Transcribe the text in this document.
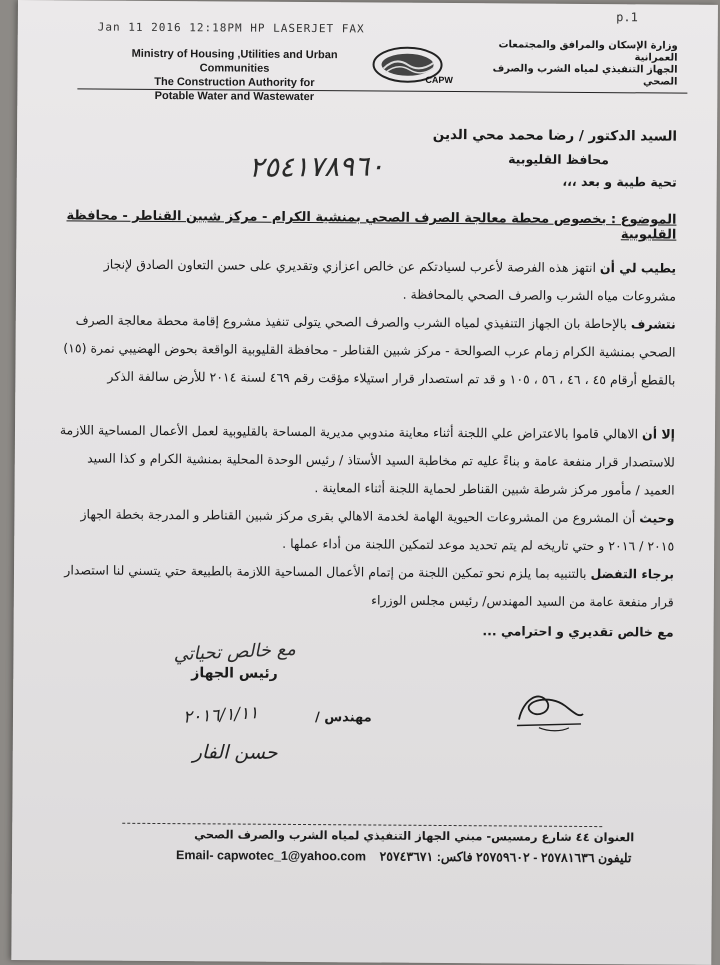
p.1
Jan 11 2016 12:18PM HP LASERJET FAX
Ministry of Housing ,Utilities and Urban Communities
The Construction Authority for
Potable Water and Wastewater
CAPW
وزارة الإسكان والمرافق والمجتمعات العمرانية
الجهاز التنفيذي لمياه الشرب والصرف الصحي
السيد الدكتور / رضا محمد محي الدين
محافظ القليوبية
٢٥٤١٧٨٩٦٠	تحية طيبة و بعد ،،،
الموضوع : بخصوص محطة معالجة الصرف الصحي بمنشية الكرام - مركز شبين القناطر - محافظة القليوبية
يطيب لي أن انتهز هذه الفرصة لأعرب لسيادتكم عن خالص اعزازي وتقديري على حسن التعاون الصادق لإنجاز مشروعات مياه الشرب والصرف الصحي بالمحافظة .
نتشرف بالإحاطة بان الجهاز التنفيذي لمياه الشرب والصرف الصحي يتولى تنفيذ مشروع إقامة محطة معالجة الصرف الصحي بمنشية الكرام زمام عرب الصوالحة - مركز شبين القناطر - محافظة القليوبية الواقعة بحوض الهضيبي نمرة (١٥) بالقطع أرقام ٤٥ ، ٤٦ ، ٥٦ ، ١٠٥ و قد تم استصدار قرار استيلاء مؤقت رقم ٤٦٩ لسنة ٢٠١٤ للأرض سالفة الذكر
إلا أن الاهالي قاموا بالاعتراض علي اللجنة أثناء معاينة مندوبي مديرية المساحة بالقليوبية لعمل الأعمال المساحية اللازمة للاستصدار قرار منفعة عامة و بناءً عليه تم مخاطبة السيد الأستاذ / رئيس الوحدة المحلية بمنشية الكرام و كذا السيد العميد / مأمور مركز شرطة شبين القناطر لحماية اللجنة أثناء المعاينة .
وحيث أن المشروع من المشروعات الحيوية الهامة لخدمة الاهالي بقرى مركز شبين القناطر و المدرجة بخطة الجهاز ٢٠١٥ / ٢٠١٦ و حتي تاريخه لم يتم تحديد موعد لتمكين اللجنة من أداء عملها .
برجاء التفضل بالتنبيه بما يلزم نحو تمكين اللجنة من إتمام الأعمال المساحية اللازمة بالطبيعة حتي يتسني لنا استصدار قرار منفعة عامة من السيد المهندس/ رئيس مجلس الوزراء
مع خالص تقديري و احترامي ...
مع خالص تحياتي
رئيس الجهاز
٢٠١٦/١/١١	مهندس /
حسن الفار
العنوان ٤٤ شارع رمسيس- مبني الجهاز التنفيذي لمياه الشرب والصرف الصحي
Email- capwotec_1@yahoo.com تليفون ٢٥٧٨١٦٣٦ - ٢٥٧٥٩٦٠٢ فاكس: ٢٥٧٤٣٦٧١
